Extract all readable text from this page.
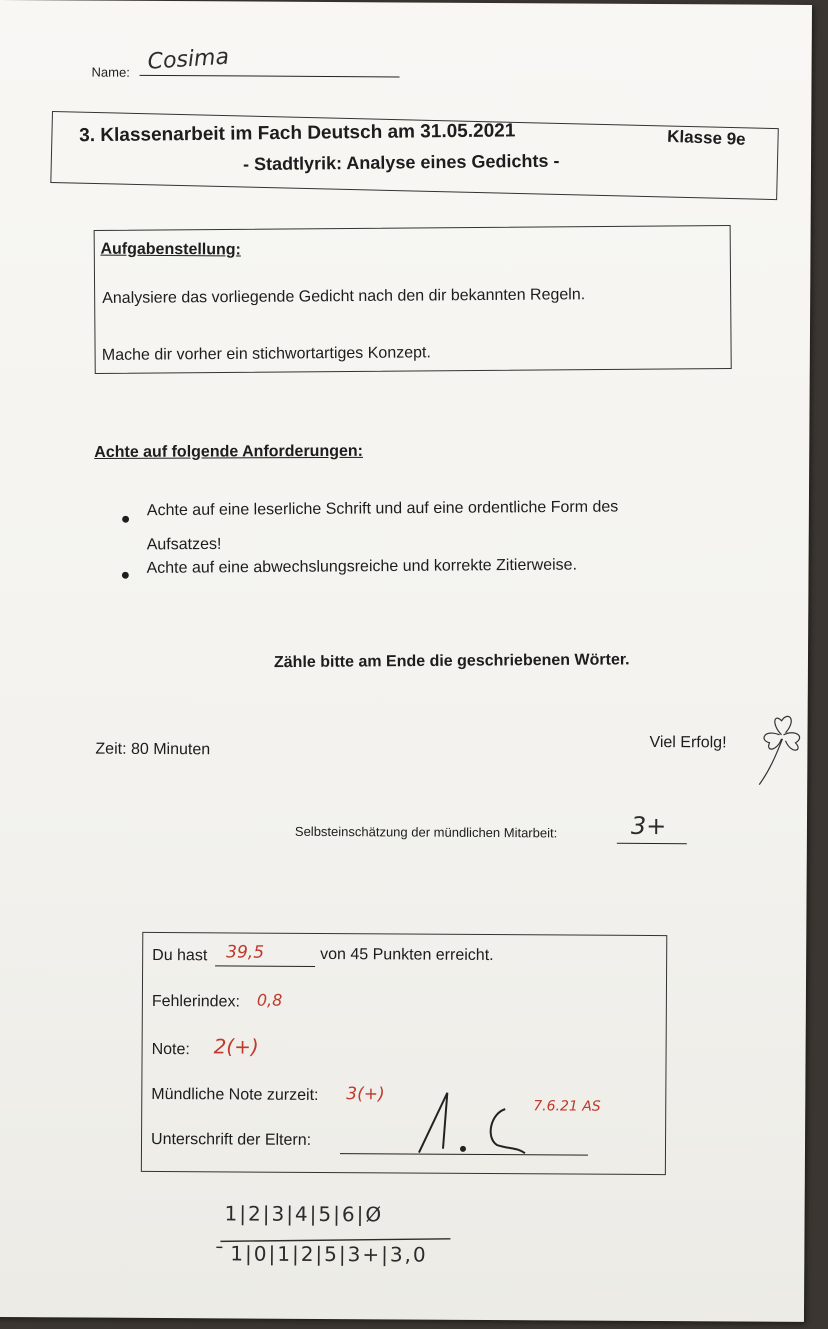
Name: Cosima
3. Klassenarbeit im Fach Deutsch am 31.05.2021
- Stadtlyrik: Analyse eines Gedichts -
Klasse 9e
Aufgabenstellung:
Analysiere das vorliegende Gedicht nach den dir bekannten Regeln.
Mache dir vorher ein stichwortartiges Konzept.
Achte auf folgende Anforderungen:
●
Achte auf eine leserliche Schrift und auf eine ordentliche Form des
Aufsatzes!
● Achte auf eine abwechslungsreiche und korrekte Zitierweise.
Zähle bitte am Ende die geschriebenen Wörter.
Zeit: 80 Minuten	Viel Erfolg!
Selbsteinschätzung der mündlichen Mitarbeit:	3+
Du hast 39,5	von 45 Punkten erreicht.
Fehlerindex: 0,8
Note: 2(+)
Mündliche Note zurzeit: 3(+)
Unterschrift der Eltern:
7.6.21 AS
1|2|3|4|5|6|Ø
1|0|1|2|5|3+|3,0
